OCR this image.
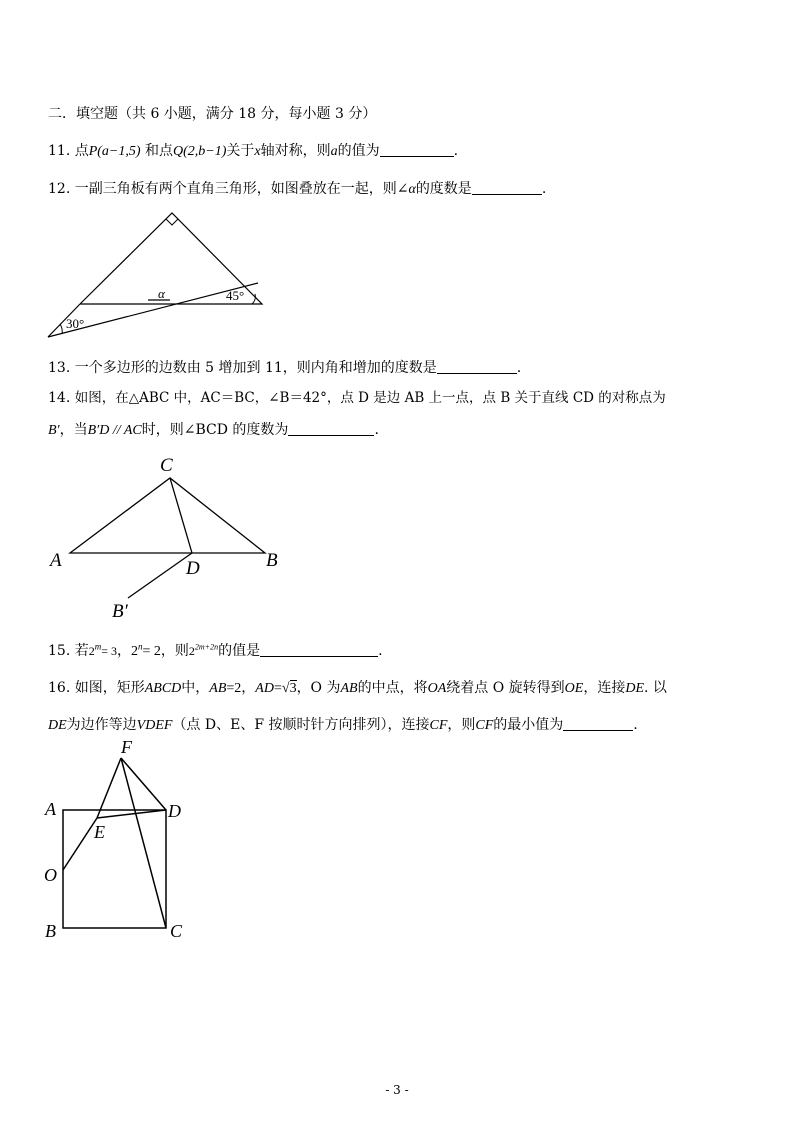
二．填空题（共 6 小题，满分 18 分，每小题 3 分）
11. 点P(a−1,5) 和点Q(2,b−1)关于x轴对称，则a的值为	.
12. 一副三角板有两个直角三角形，如图叠放在一起，则∠α的度数是	.
α	45°
30°
13. 一个多边形的边数由 5 增加到 11，则内角和增加的度数是	.
14. 如图，在△ABC 中，AC＝BC，∠B＝42°，点 D 是边 AB 上一点，点 B 关于直线 CD 的对称点为
B′，当B′D // AC时，则∠BCD 的度数为	.
C
A	D	B
B′
15. 若$2^m= 3$，$2^n= 2$，则$2^{2m+2n}$的值是	.
16. 如图，矩形ABCD中，AB=2，AD=√3，O 为AB的中点，将OA绕着点 O 旋转得到OE，连接DE. 以
DE为边作等边VDEF（点 D、E、F 按顺时针方向排列），连接CF，则CF的最小值为	.
F
A	D
E
O
B	C
- 3 -
